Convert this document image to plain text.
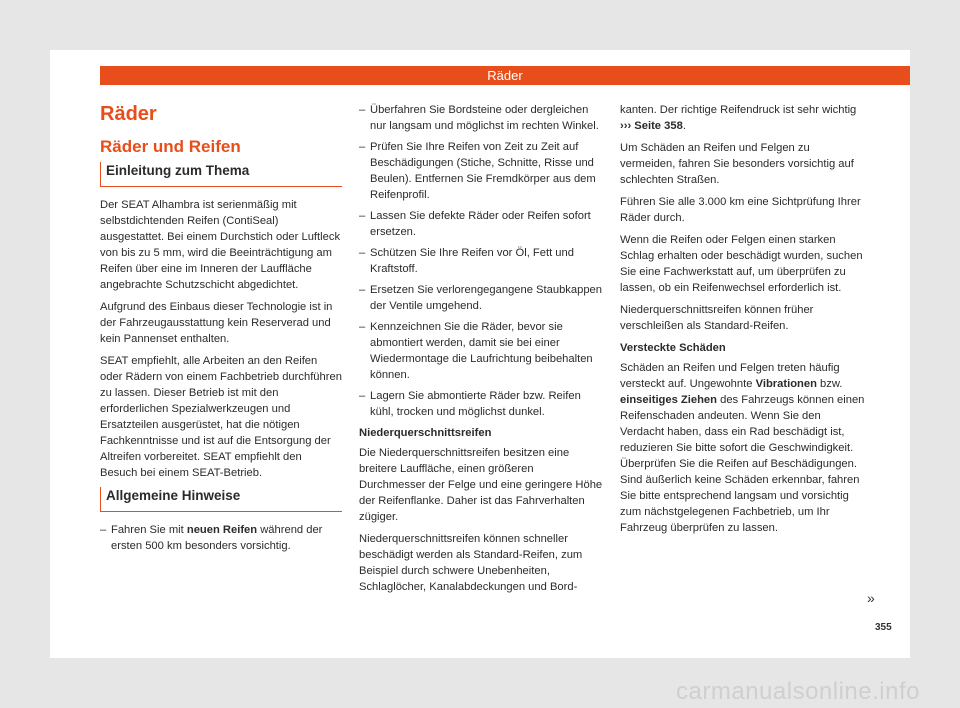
Räder
Räder
Räder und Reifen
Einleitung zum Thema

Der SEAT Alhambra ist serienmäßig mit selbstdichtenden Reifen (ContiSeal) ausgestattet. Bei einem Durchstich oder Luftleck von bis zu 5 mm, wird die Beeinträchtigung am Reifen über eine im Inneren der Lauffläche angebrachte Schutzschicht abgedichtet.

Aufgrund des Einbaus dieser Technologie ist in der Fahrzeugausstattung kein Reserverad und kein Pannenset enthalten.

SEAT empfiehlt, alle Arbeiten an den Reifen oder Rädern von einem Fachbetrieb durchführen zu lassen. Dieser Betrieb ist mit den erforderlichen Spezialwerkzeugen und Ersatzteilen ausgerüstet, hat die nötigen Fachkenntnisse und ist auf die Entsorgung der Altreifen vorbereitet. SEAT empfiehlt den Besuch bei einem SEAT-Betrieb.

Allgemeine Hinweise
– Fahren Sie mit neuen Reifen während der ersten 500 km besonders vorsichtig.
– Überfahren Sie Bordsteine oder dergleichen nur langsam und möglichst im rechten Winkel.
– Prüfen Sie Ihre Reifen von Zeit zu Zeit auf Beschädigungen (Stiche, Schnitte, Risse und Beulen). Entfernen Sie Fremdkörper aus dem Reifenprofil.
– Lassen Sie defekte Räder oder Reifen sofort ersetzen.
– Schützen Sie Ihre Reifen vor Öl, Fett und Kraftstoff.
– Ersetzen Sie verlorengegangene Staubkappen der Ventile umgehend.
– Kennzeichnen Sie die Räder, bevor sie abmontiert werden, damit sie bei einer Wiedermontage die Laufrichtung beibehalten können.
– Lagern Sie abmontierte Räder bzw. Reifen kühl, trocken und möglichst dunkel.
Niederquerschnittsreifen

Die Niederquerschnittsreifen besitzen eine breitere Lauffläche, einen größeren Durchmesser der Felge und eine geringere Höhe der Reifenflanke. Daher ist das Fahrverhalten zügiger.

Niederquerschnittsreifen können schneller beschädigt werden als Standard-Reifen, zum Beispiel durch schwere Unebenheiten, Schlaglöcher, Kanalabdeckungen und Bord-

kanten. Der richtige Reifendruck ist sehr wichtig ››› Seite 358.

Um Schäden an Reifen und Felgen zu vermeiden, fahren Sie besonders vorsichtig auf schlechten Straßen.

Führen Sie alle 3.000 km eine Sichtprüfung Ihrer Räder durch.

Wenn die Reifen oder Felgen einen starken Schlag erhalten oder beschädigt wurden, suchen Sie eine Fachwerkstatt auf, um überprüfen zu lassen, ob ein Reifenwechsel erforderlich ist.

Niederquerschnittsreifen können früher verschleißen als Standard-Reifen.

Versteckte Schäden

Schäden an Reifen und Felgen treten häufig versteckt auf. Ungewohnte Vibrationen bzw. einseitiges Ziehen des Fahrzeugs können einen Reifenschaden andeuten. Wenn Sie den Verdacht haben, dass ein Rad beschädigt ist, reduzieren Sie bitte sofort die Geschwindigkeit. Überprüfen Sie die Reifen auf Beschädigungen. Sind äußerlich keine Schäden erkennbar, fahren Sie bitte entsprechend langsam und vorsichtig zum nächstgelegenen Fachbetrieb, um Ihr Fahrzeug überprüfen zu lassen.

»
355
carmanualsonline.info
